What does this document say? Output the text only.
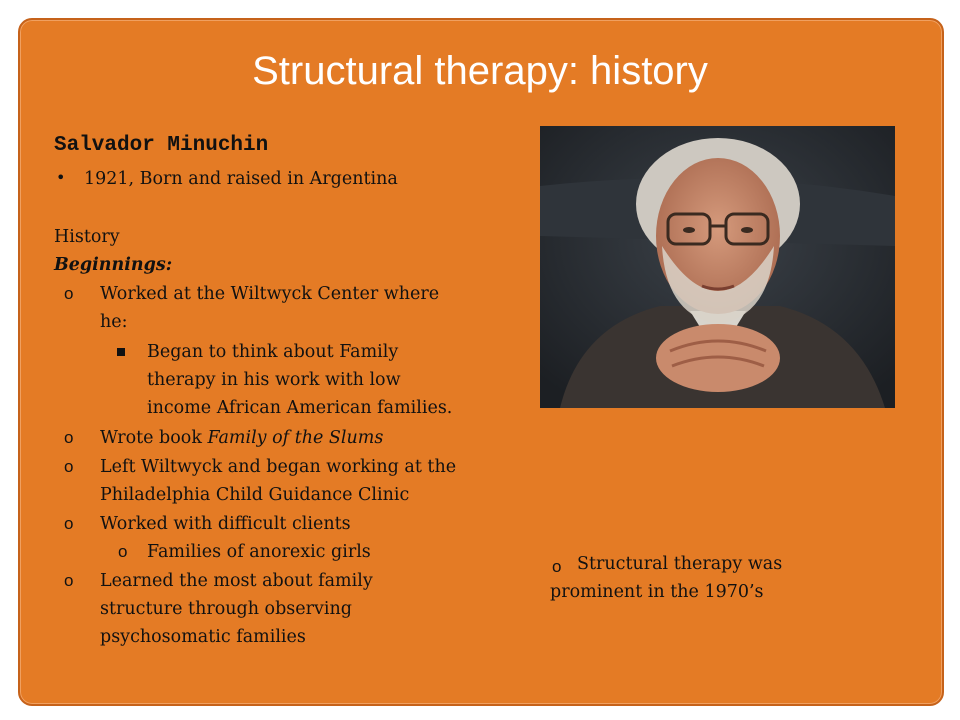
Structural therapy: history
Salvador Minuchin
• 1921, Born and raised in Argentina
History
Beginnings:
o Worked at the Wiltwyck Center where
he:
Began to think about Family
therapy in his work with low
income African American families.
o Wrote book Family of the Slums
o Left Wiltwyck and began working at the
Philadelphia Child Guidance Clinic
o Worked with difficult clients
o Families of anorexic girls
o Learned the most about family
structure through observing
psychosomatic families
o Structural therapy was
prominent in the 1970’s
